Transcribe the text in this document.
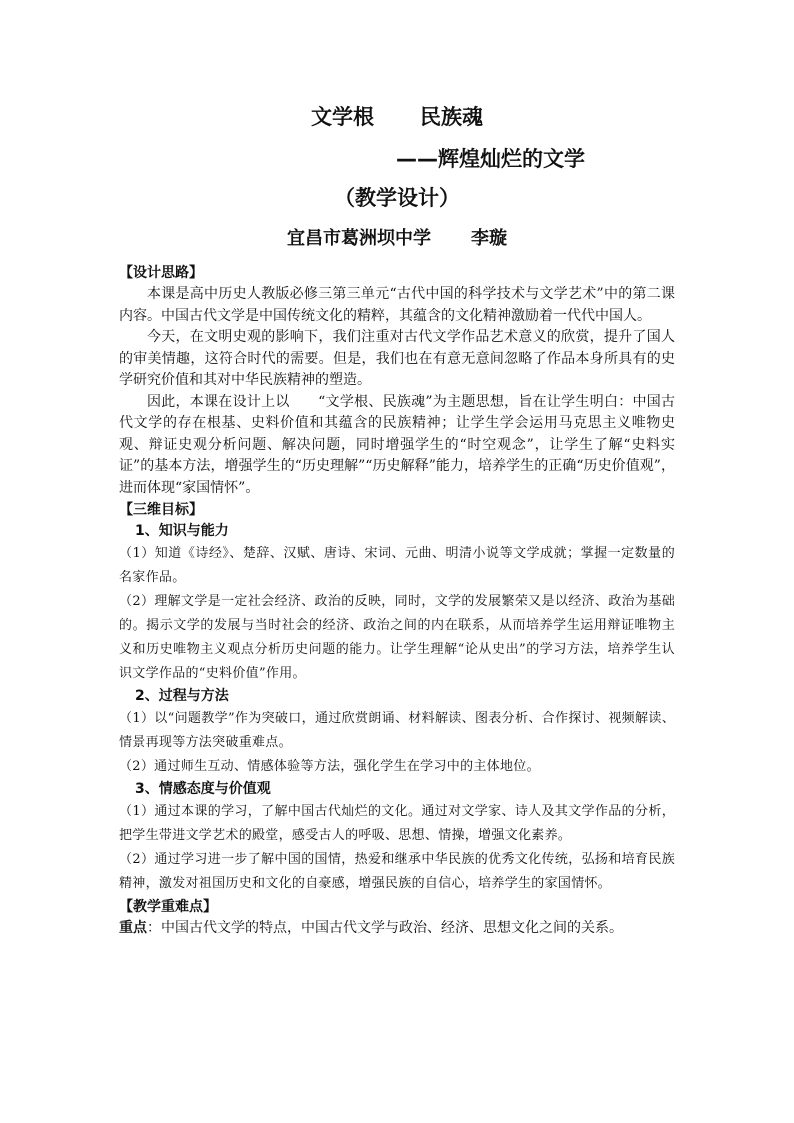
文学根 民族魂
——辉煌灿烂的文学
（教学设计）
宜昌市葛洲坝中学 李璇
【设计思路】

本课是高中历史人教版必修三第三单元“古代中国的科学技术与文学艺术”中的第二课内容。中国古代文学是中国传统文化的精粹，其蕴含的文化精神激励着一代代中国人。

今天，在文明史观的影响下，我们注重对古代文学作品艺术意义的欣赏，提升了国人的审美情趣，这符合时代的需要。但是，我们也在有意无意间忽略了作品本身所具有的史学研究价值和其对中华民族精神的塑造。

因此，本课在设计上以　　“文学根、民族魂”为主题思想，旨在让学生明白：中国古代文学的存在根基、史料价值和其蕴含的民族精神；让学生学会运用马克思主义唯物史观、辩证史观分析问题、解决问题，同时增强学生的“时空观念”，让学生了解“史料实证”的基本方法，增强学生的“历史理解”“历史解释”能力，培养学生的正确“历史价值观”，进而体现“家国情怀”。

【三维目标】
1、知识与能力

（1）知道《诗经》、楚辞、汉赋、唐诗、宋词、元曲、明清小说等文学成就；掌握一定数量的名家作品。

（2）理解文学是一定社会经济、政治的反映，同时，文学的发展繁荣又是以经济、政治为基础的。揭示文学的发展与当时社会的经济、政治之间的内在联系，从而培养学生运用辩证唯物主义和历史唯物主义观点分析历史问题的能力。让学生理解“论从史出”的学习方法，培养学生认识文学作品的“史料价值”作用。

2、过程与方法

（1）以“问题教学”作为突破口，通过欣赏朗诵、材料解读、图表分析、合作探讨、视频解读、情景再现等方法突破重难点。

（2）通过师生互动、情感体验等方法，强化学生在学习中的主体地位。

3、情感态度与价值观

（1）通过本课的学习，了解中国古代灿烂的文化。通过对文学家、诗人及其文学作品的分析，把学生带进文学艺术的殿堂，感受古人的呼吸、思想、情操，增强文化素养。

（2）通过学习进一步了解中国的国情，热爱和继承中华民族的优秀文化传统，弘扬和培育民族精神，激发对祖国历史和文化的自豪感，增强民族的自信心，培养学生的家国情怀。

【教学重难点】

重点：中国古代文学的特点，中国古代文学与政治、经济、思想文化之间的关系。
